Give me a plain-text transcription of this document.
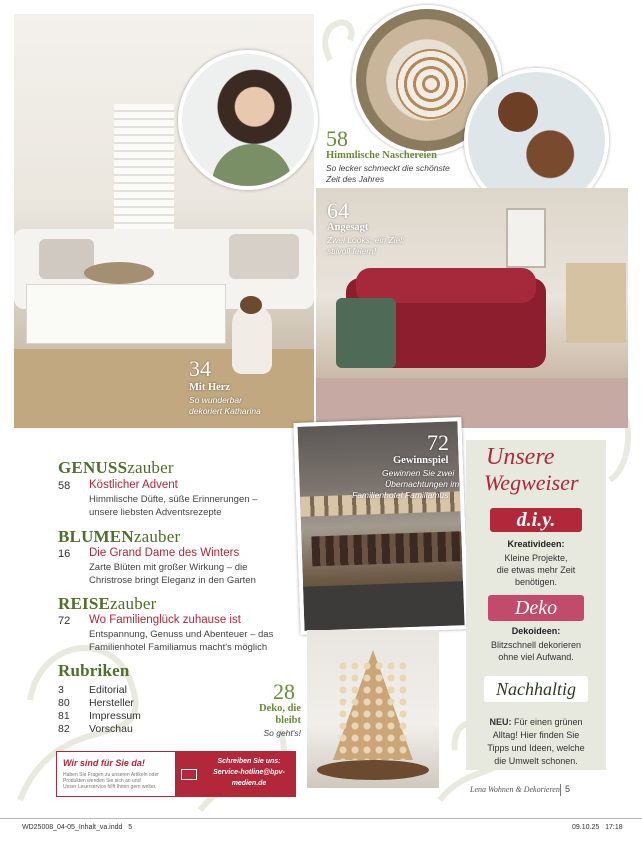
34
Mit Herz
So wunderbar
dekoriert Katharina
58
Himmlische Naschereien
So lecker schmeckt die schönste
Zeit des Jahres
64
Angesagt
Zwei Looks, ein Ziel:
stilvoll feiern!
72
Gewinnspiel
Gewinnen Sie zwei
Übernachtungen im
Familienhotel Familiamus
28
Deko, die
bleibt
So geht's!
GENUSSzauber
58 Köstlicher Advent
Himmlische Düfte, süße Erinnerungen –
unsere liebsten Adventsrezepte
BLUMENzauber
16 Die Grand Dame des Winters
Zarte Blüten mit großer Wirkung – die
Christrose bringt Eleganz in den Garten
REISEzauber
72 Wo Familienglück zuhause ist
Entspannung, Genuss und Abenteuer – das
Familienhotel Familiamus macht's möglich
Rubriken
3 Editorial
80 Hersteller
81 Impressum
82 Vorschau
Wir sind für Sie da!
Haben Sie Fragen zu unseren Artikeln oder
Produkten wenden Sie sich an uns!
Unser Leserservice hilft Ihnen gern weiter.
Schreiben Sie uns:
Service-hotline@bpv-
medien.de
Unsere
Wegweiser
d.i.y.
Kreativideen:
Kleine Projekte,
die etwas mehr Zeit
benötigen.
Deko
Dekoideen:
Blitzschnell dekorieren
ohne viel Aufwand.
Nachhaltig
NEU: Für einen grünen
Alltag! Hier finden Sie
Tipps und Ideen, welche
die Umwelt schonen.
Lena Wohnen & Dekorieren 5
WD25008_04-05_Inhalt_va.indd   5	09.10.25   17:18
